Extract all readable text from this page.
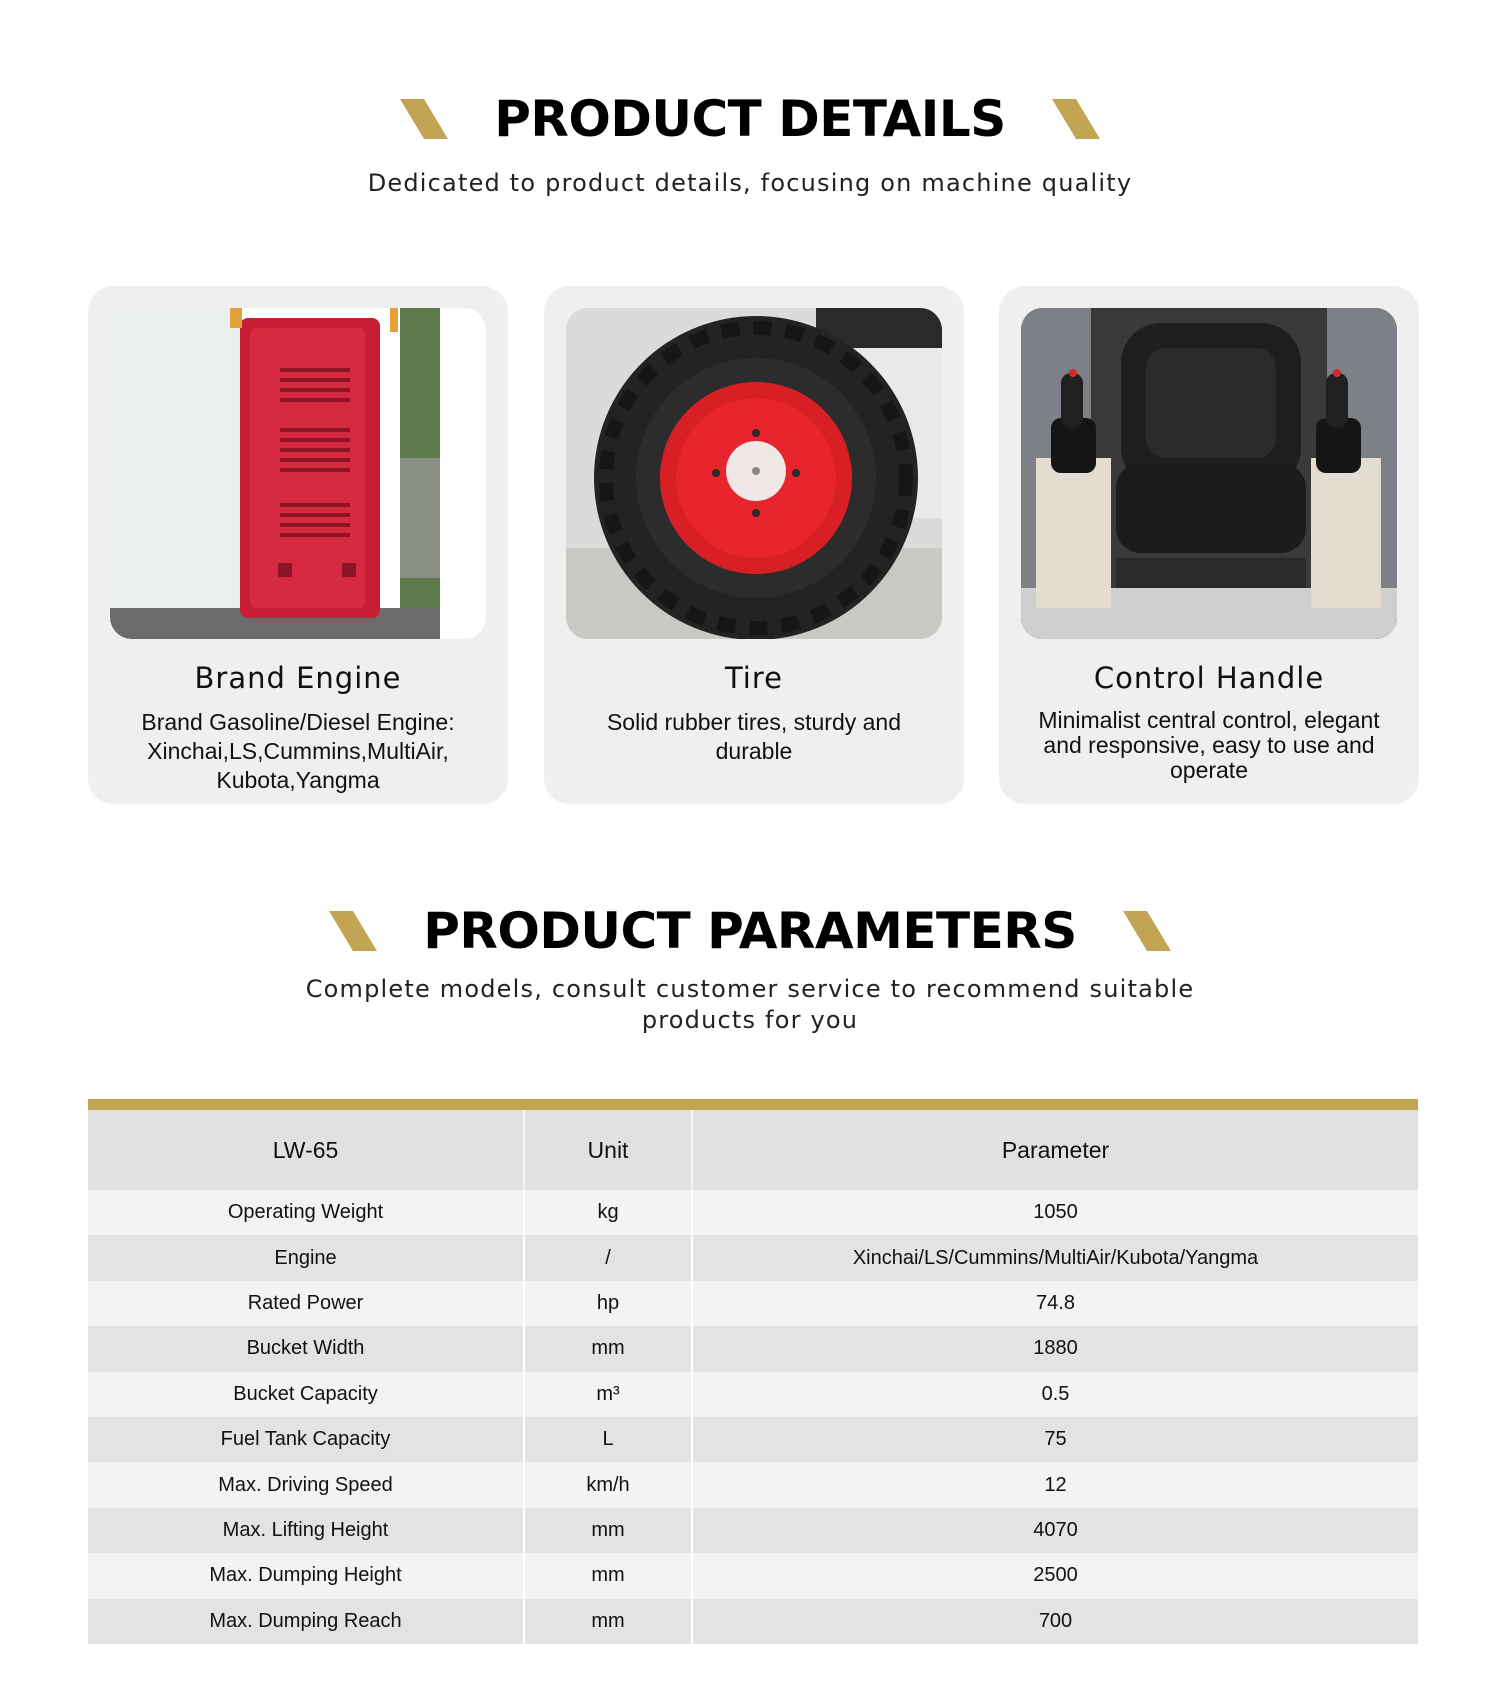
PRODUCT DETAILS

Dedicated to product details, focusing on machine quality

Brand Engine
Brand Gasoline/Diesel Engine:
Xinchai,LS,Cummins,MultiAir,
Kubota,Yangma
Tire
Solid rubber tires, sturdy and
durable
Control Handle
Minimalist central control, elegant
and responsive, easy to use and
operate
PRODUCT PARAMETERS
Complete models, consult customer service to recommend suitable
products for you
LW-65	Unit	Parameter
Operating Weight	kg	1050
Engine	/	Xinchai/LS/Cummins/MultiAir/Kubota/Yangma
Rated Power	hp	74.8
Bucket Width	mm	1880
Bucket Capacity	m³	0.5
Fuel Tank Capacity	L	75
Max. Driving Speed	km/h	12
Max. Lifting Height	mm	4070
Max. Dumping Height	mm	2500
Max. Dumping Reach	mm	700
